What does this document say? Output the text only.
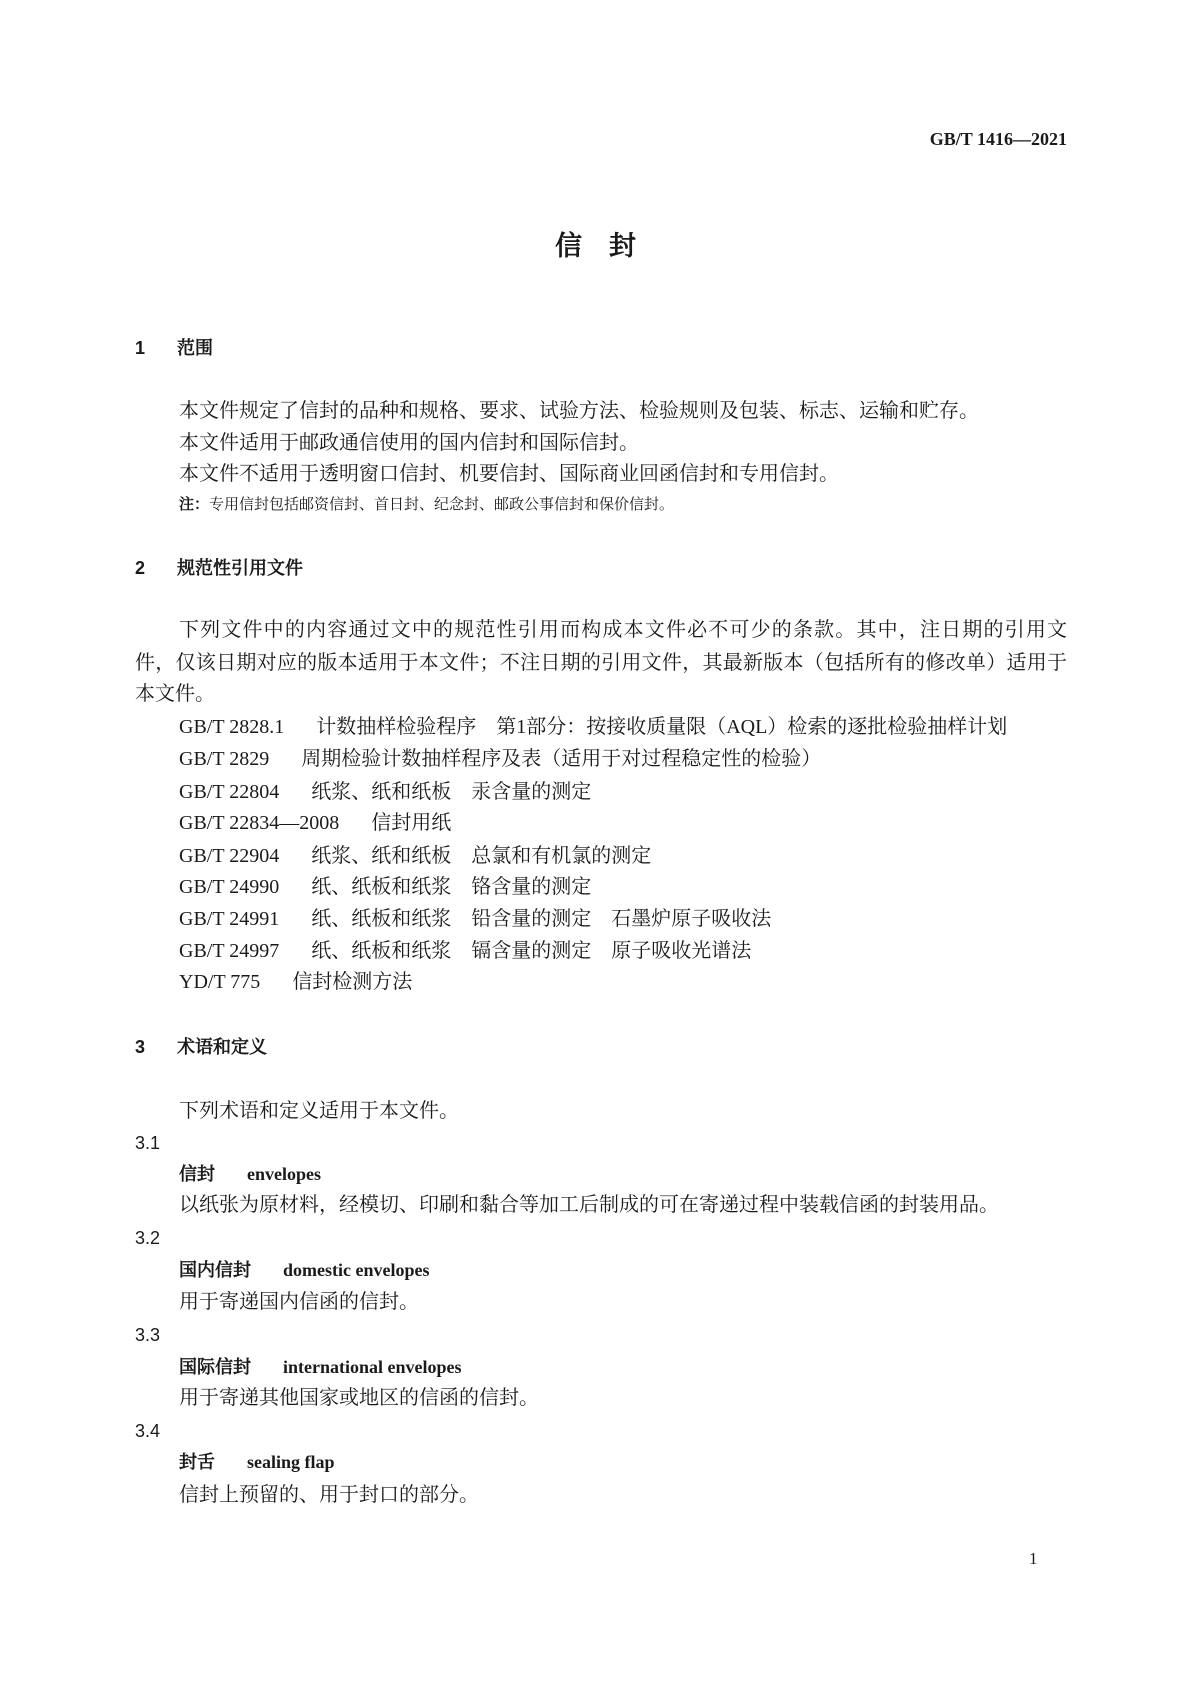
GB/T 1416—2021
信　封
1 范围
本文件规定了信封的品种和规格、要求、试验方法、检验规则及包装、标志、运输和贮存。
本文件适用于邮政通信使用的国内信封和国际信封。
本文件不适用于透明窗口信封、机要信封、国际商业回函信封和专用信封。
注：专用信封包括邮资信封、首日封、纪念封、邮政公事信封和保价信封。
2 规范性引用文件
下列文件中的内容通过文中的规范性引用而构成本文件必不可少的条款。其中，注日期的引用文
件，仅该日期对应的版本适用于本文件；不注日期的引用文件，其最新版本（包括所有的修改单）适用于
本文件。
GB/T 2828.1 计数抽样检验程序　第1部分：按接收质量限（AQL）检索的逐批检验抽样计划
GB/T 2829 周期检验计数抽样程序及表（适用于对过程稳定性的检验）
GB/T 22804 纸浆、纸和纸板　汞含量的测定
GB/T 22834—2008 信封用纸
GB/T 22904 纸浆、纸和纸板　总氯和有机氯的测定
GB/T 24990 纸、纸板和纸浆　铬含量的测定
GB/T 24991 纸、纸板和纸浆　铅含量的测定　石墨炉原子吸收法
GB/T 24997 纸、纸板和纸浆　镉含量的测定　原子吸收光谱法
YD/T 775 信封检测方法
3 术语和定义
下列术语和定义适用于本文件。
3.1
信封 envelopes
以纸张为原材料，经模切、印刷和黏合等加工后制成的可在寄递过程中装载信函的封装用品。
3.2
国内信封 domestic envelopes
用于寄递国内信函的信封。
3.3
国际信封 international envelopes
用于寄递其他国家或地区的信函的信封。
3.4
封舌 sealing flap
信封上预留的、用于封口的部分。
1
